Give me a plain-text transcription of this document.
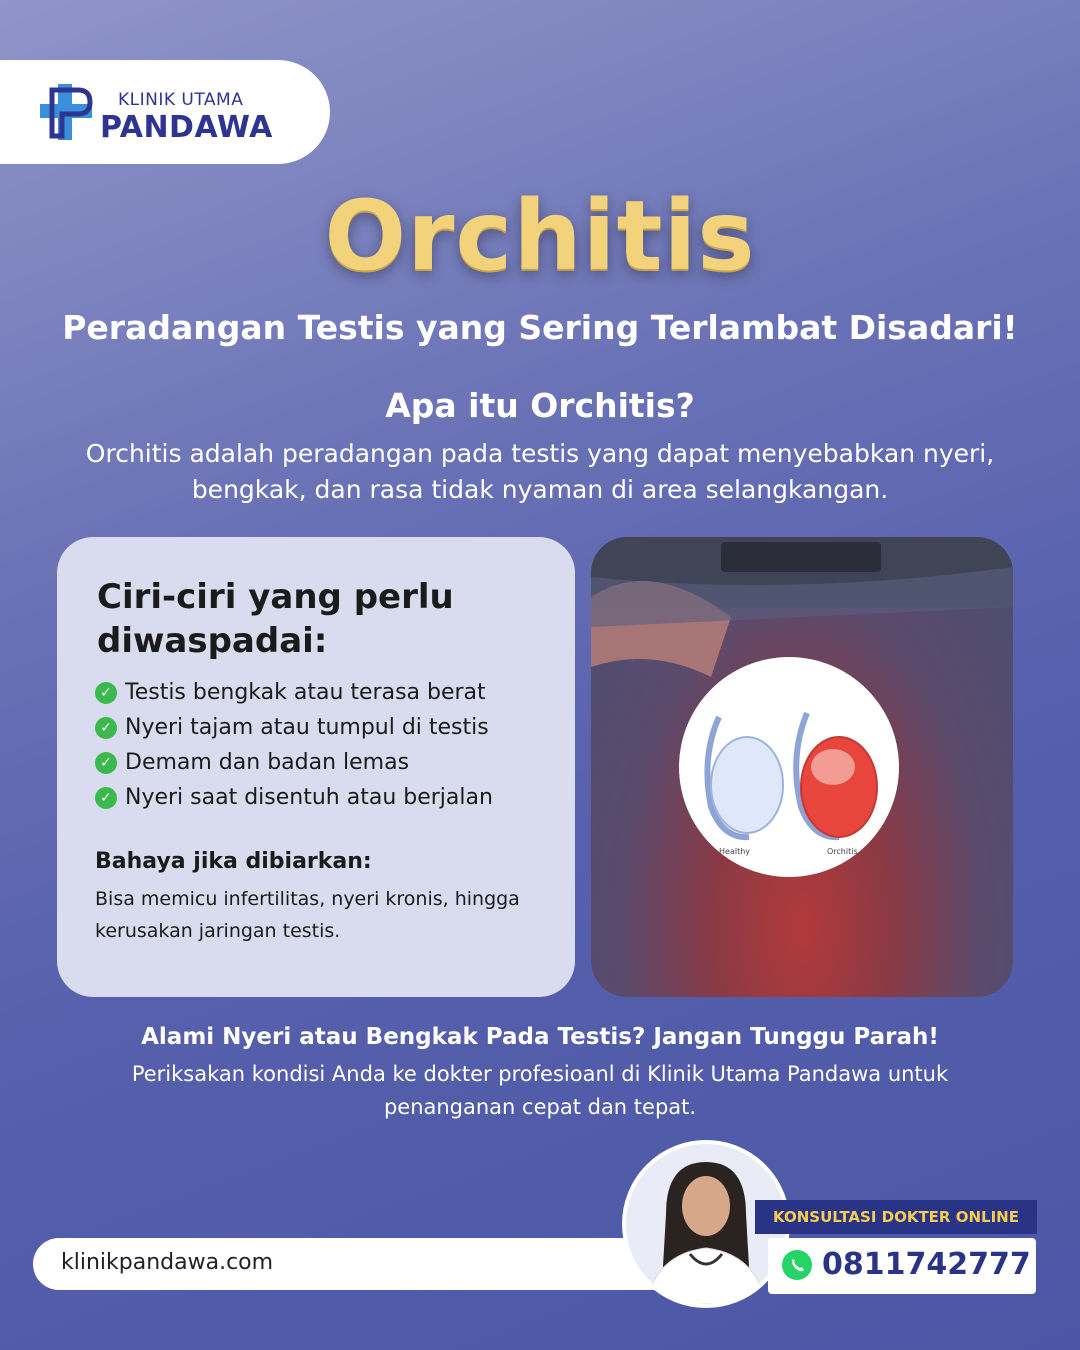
KLINIK UTAMA
PANDAWA
Orchitis
Peradangan Testis yang Sering Terlambat Disadari!
Apa itu Orchitis?
Orchitis adalah peradangan pada testis yang dapat menyebabkan nyeri, bengkak, dan rasa tidak nyaman di area selangkangan.
Ciri-ciri yang perlu diwaspadai:
✓ Testis bengkak atau terasa berat
✓ Nyeri tajam atau tumpul di testis
✓ Demam dan badan lemas
✓ Nyeri saat disentuh atau berjalan
Bahaya jika dibiarkan:
Bisa memicu infertilitas, nyeri kronis, hingga kerusakan jaringan testis.
Healthy	Orchitis
Alami Nyeri atau Bengkak Pada Testis? Jangan Tunggu Parah!
Periksakan kondisi Anda ke dokter profesioanl di Klinik Utama Pandawa untuk penanganan cepat dan tepat.
klinikpandawa.com
KONSULTASI DOKTER ONLINE
0811742777
